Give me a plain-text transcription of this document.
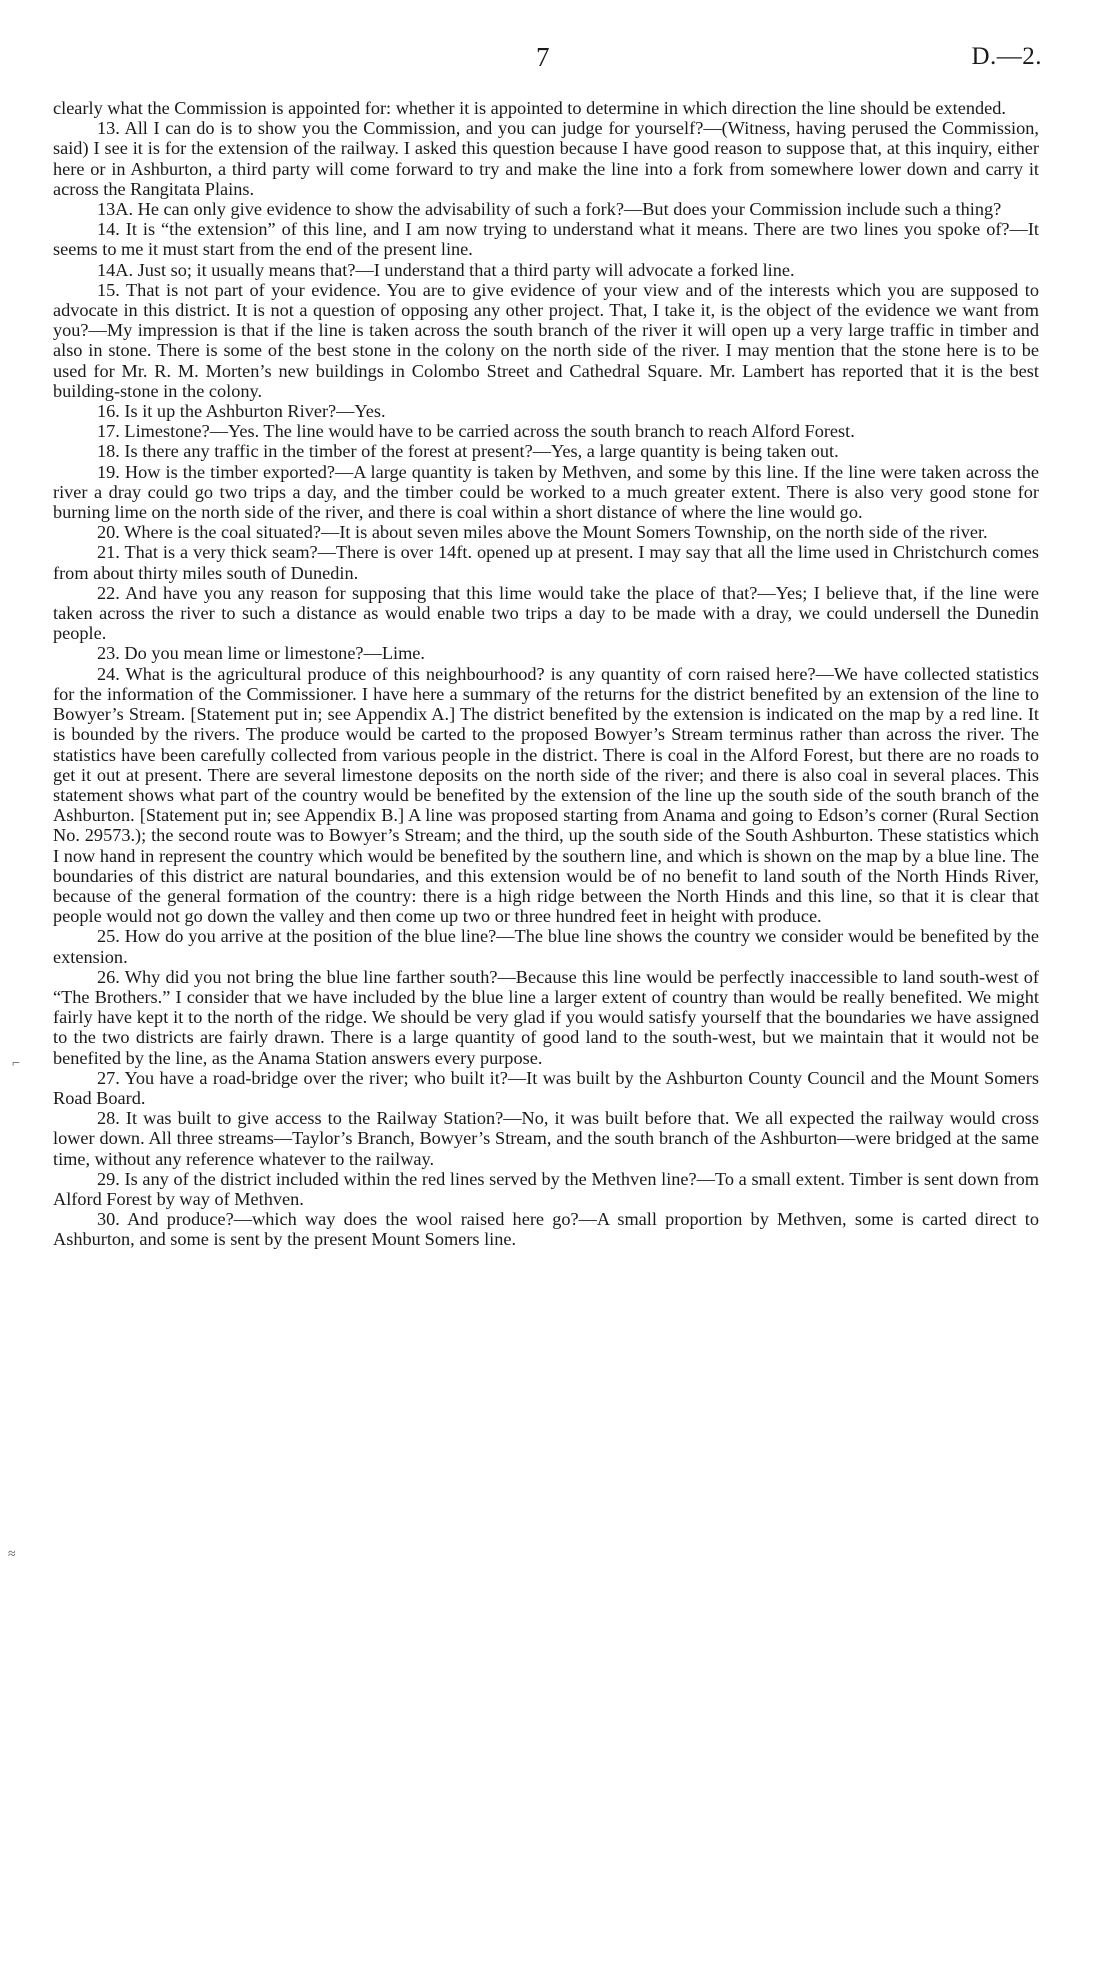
7	D.—2.
⌐
≈

clearly what the Commission is appointed for: whether it is appointed to determine in which direction the line should be extended.

13. All I can do is to show you the Commission, and you can judge for yourself?—(Witness, having perused the Commission, said) I see it is for the extension of the railway. I asked this question because I have good reason to suppose that, at this inquiry, either here or in Ashburton, a third party will come forward to try and make the line into a fork from somewhere lower down and carry it across the Rangitata Plains.

13A. He can only give evidence to show the advisability of such a fork?—But does your Commission include such a thing?

14. It is “the extension” of this line, and I am now trying to understand what it means. There are two lines you spoke of?—It seems to me it must start from the end of the present line.

14A. Just so; it usually means that?—I understand that a third party will advocate a forked line.

15. That is not part of your evidence. You are to give evidence of your view and of the interests which you are supposed to advocate in this district. It is not a question of opposing any other project. That, I take it, is the object of the evidence we want from you?—My impression is that if the line is taken across the south branch of the river it will open up a very large traffic in timber and also in stone. There is some of the best stone in the colony on the north side of the river. I may mention that the stone here is to be used for Mr. R. M. Morten’s new buildings in Colombo Street and Cathedral Square. Mr. Lambert has reported that it is the best building-stone in the colony.

16. Is it up the Ashburton River?—Yes.

17. Limestone?—Yes. The line would have to be carried across the south branch to reach Alford Forest.

18. Is there any traffic in the timber of the forest at present?—Yes, a large quantity is being taken out.

19. How is the timber exported?—A large quantity is taken by Methven, and some by this line. If the line were taken across the river a dray could go two trips a day, and the timber could be worked to a much greater extent. There is also very good stone for burning lime on the north side of the river, and there is coal within a short distance of where the line would go.

20. Where is the coal situated?—It is about seven miles above the Mount Somers Township, on the north side of the river.

21. That is a very thick seam?—There is over 14ft. opened up at present. I may say that all the lime used in Christchurch comes from about thirty miles south of Dunedin.

22. And have you any reason for supposing that this lime would take the place of that?—Yes; I believe that, if the line were taken across the river to such a distance as would enable two trips a day to be made with a dray, we could undersell the Dunedin people.

23. Do you mean lime or limestone?—Lime.

24. What is the agricultural produce of this neighbourhood? is any quantity of corn raised here?—We have collected statistics for the information of the Commissioner. I have here a summary of the returns for the district benefited by an extension of the line to Bowyer’s Stream. [Statement put in; see Appendix A.] The district benefited by the extension is indicated on the map by a red line. It is bounded by the rivers. The produce would be carted to the proposed Bowyer’s Stream terminus rather than across the river. The statistics have been carefully collected from various people in the district. There is coal in the Alford Forest, but there are no roads to get it out at present. There are several limestone deposits on the north side of the river; and there is also coal in several places. This statement shows what part of the country would be benefited by the extension of the line up the south side of the south branch of the Ashburton. [Statement put in; see Appendix B.] A line was proposed starting from Anama and going to Edson’s corner (Rural Section No. 29573.); the second route was to Bowyer’s Stream; and the third, up the south side of the South Ashburton. These statistics which I now hand in represent the country which would be benefited by the southern line, and which is shown on the map by a blue line. The boundaries of this district are natural boundaries, and this extension would be of no benefit to land south of the North Hinds River, because of the general formation of the country: there is a high ridge between the North Hinds and this line, so that it is clear that people would not go down the valley and then come up two or three hundred feet in height with produce.

25. How do you arrive at the position of the blue line?—The blue line shows the country we consider would be benefited by the extension.

26. Why did you not bring the blue line farther south?—Because this line would be perfectly inaccessible to land south-west of “The Brothers.” I consider that we have included by the blue line a larger extent of country than would be really benefited. We might fairly have kept it to the north of the ridge. We should be very glad if you would satisfy yourself that the boundaries we have assigned to the two districts are fairly drawn. There is a large quantity of good land to the south-west, but we maintain that it would not be benefited by the line, as the Anama Station answers every purpose.

27. You have a road-bridge over the river; who built it?—It was built by the Ashburton County Council and the Mount Somers Road Board.

28. It was built to give access to the Railway Station?—No, it was built before that. We all expected the railway would cross lower down. All three streams—Taylor’s Branch, Bowyer’s Stream, and the south branch of the Ashburton—were bridged at the same time, without any reference whatever to the railway.

29. Is any of the district included within the red lines served by the Methven line?—To a small extent. Timber is sent down from Alford Forest by way of Methven.

30. And produce?—which way does the wool raised here go?—A small proportion by Methven, some is carted direct to Ashburton, and some is sent by the present Mount Somers line.
